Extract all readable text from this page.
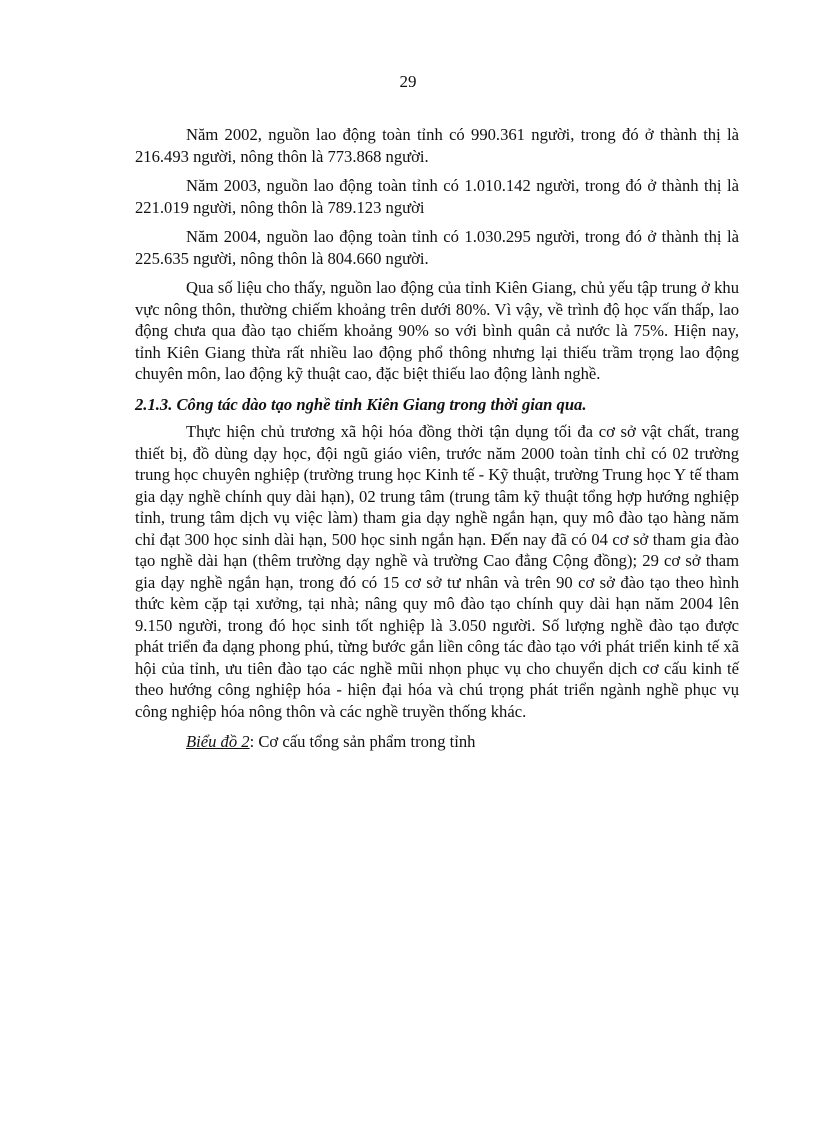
29

Năm 2002, nguồn lao động toàn tỉnh có 990.361 người, trong đó ở thành thị là 216.493 người, nông thôn là 773.868 người.

Năm 2003, nguồn lao động toàn tỉnh có 1.010.142 người, trong đó ở thành thị là 221.019 người, nông thôn là 789.123 người

Năm 2004, nguồn lao động toàn tỉnh có 1.030.295 người, trong đó ở thành thị là 225.635 người, nông thôn là 804.660 người.

Qua số liệu cho thấy, nguồn lao động của tỉnh Kiên Giang, chủ yếu tập trung ở khu vực nông thôn, thường chiếm khoảng trên dưới 80%. Vì vậy, về trình độ học vấn thấp, lao động chưa qua đào tạo chiếm khoảng 90% so với bình quân cả nước là 75%. Hiện nay, tỉnh Kiên Giang thừa rất nhiều lao động phổ thông nhưng lại thiếu trầm trọng lao động chuyên môn, lao động kỹ thuật cao, đặc biệt thiếu lao động lành nghề.

2.1.3. Công tác dào tạo nghề tỉnh Kiên Giang trong thời gian qua.

Thực hiện chủ trương xã hội hóa đồng thời tận dụng tối đa cơ sở vật chất, trang thiết bị, đồ dùng dạy học, đội ngũ giáo viên, trước năm 2000 toàn tỉnh chỉ có 02 trường trung học chuyên nghiệp (trường trung học Kinh tế - Kỹ thuật, trường Trung học Y tế tham gia dạy nghề chính quy dài hạn), 02 trung tâm (trung tâm kỹ thuật tổng hợp hướng nghiệp tỉnh, trung tâm dịch vụ việc làm) tham gia dạy nghề ngắn hạn, quy mô đào tạo hàng năm chỉ đạt 300 học sinh dài hạn, 500 học sinh ngắn hạn. Đến nay đã có 04 cơ sở tham gia đào tạo nghề dài hạn (thêm trường dạy nghề và trường Cao đẳng Cộng đồng); 29 cơ sở tham gia dạy nghề ngắn hạn, trong đó có 15 cơ sở tư nhân và trên 90 cơ sở đào tạo theo hình thức kèm cặp tại xưởng, tại nhà; nâng quy mô đào tạo chính quy dài hạn năm 2004 lên 9.150 người, trong đó học sinh tốt nghiệp là 3.050 người. Số lượng nghề đào tạo được phát triển đa dạng phong phú, từng bước gắn liền công tác đào tạo với phát triển kinh tế xã hội của tỉnh, ưu tiên đào tạo các nghề mũi nhọn phục vụ cho chuyển dịch cơ cấu kinh tế theo hướng công nghiệp hóa - hiện đại hóa và chú trọng phát triển ngành nghề phục vụ công nghiệp hóa nông thôn và các nghề truyền thống khác.

Biểu đồ 2: Cơ cấu tổng sản phẩm trong tỉnh
